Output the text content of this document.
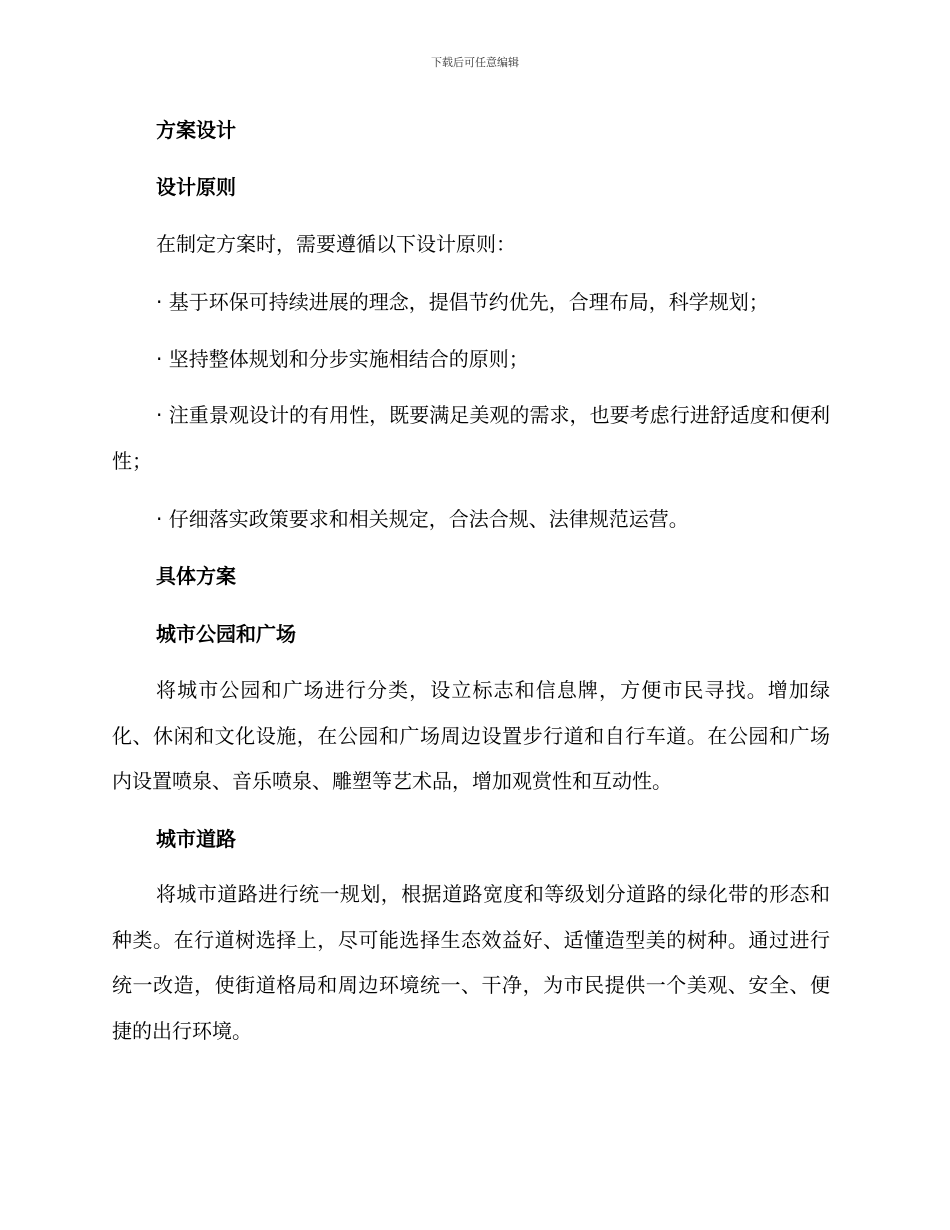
下载后可任意编辑
方案设计
设计原则
在制定方案时，需要遵循以下设计原则：
· 基于环保可持续进展的理念，提倡节约优先，合理布局，科学规划；
· 坚持整体规划和分步实施相结合的原则；
· 注重景观设计的有用性，既要满足美观的需求，也要考虑行进舒适度和便利性；
· 仔细落实政策要求和相关规定，合法合规、法律规范运营。
具体方案
城市公园和广场
将城市公园和广场进行分类，设立标志和信息牌，方便市民寻找。增加绿化、休闲和文化设施，在公园和广场周边设置步行道和自行车道。在公园和广场内设置喷泉、音乐喷泉、雕塑等艺术品，增加观赏性和互动性。
城市道路
将城市道路进行统一规划，根据道路宽度和等级划分道路的绿化带的形态和种类。在行道树选择上，尽可能选择生态效益好、适懂造型美的树种。通过进行统一改造，使街道格局和周边环境统一、干净，为市民提供一个美观、安全、便捷的出行环境。
